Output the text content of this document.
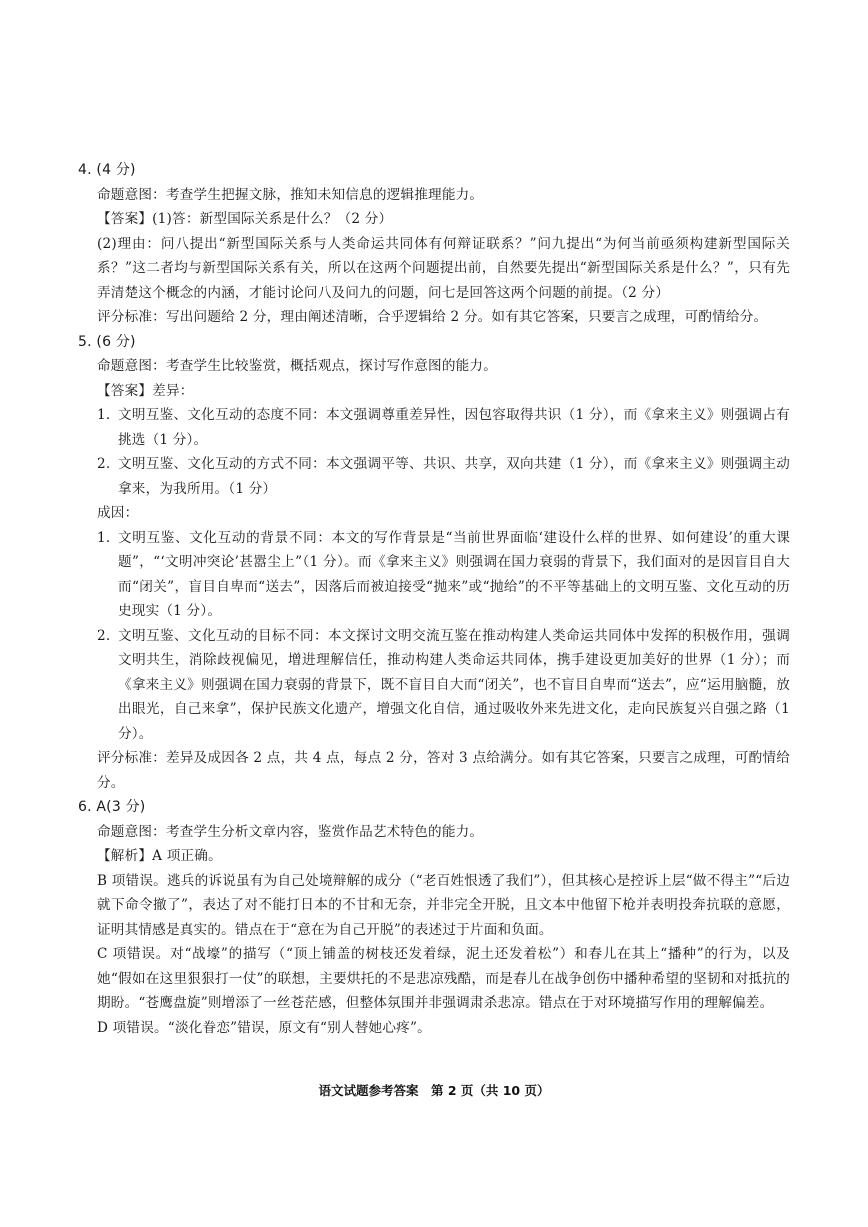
4. (4 分)
命题意图：考查学生把握文脉，推知未知信息的逻辑推理能力。
【答案】(1)答：新型国际关系是什么？（2 分）
(2)理由：问八提出“新型国际关系与人类命运共同体有何辩证联系？”问九提出“为何当前亟须构建新型国际关系？”这二者均与新型国际关系有关，所以在这两个问题提出前，自然要先提出“新型国际关系是什么？”，只有先弄清楚这个概念的内涵，才能讨论问八及问九的问题，问七是回答这两个问题的前提。（2 分）
评分标准：写出问题给 2 分，理由阐述清晰，合乎逻辑给 2 分。如有其它答案，只要言之成理，可酌情给分。
5. (6 分)
命题意图：考查学生比较鉴赏，概括观点，探讨写作意图的能力。
【答案】差异：
1. 文明互鉴、文化互动的态度不同：本文强调尊重差异性，因包容取得共识（1 分），而《拿来主义》则强调占有挑选（1 分）。
2. 文明互鉴、文化互动的方式不同：本文强调平等、共识、共享，双向共建（1 分），而《拿来主义》则强调主动拿来，为我所用。（1 分）
成因：
1. 文明互鉴、文化互动的背景不同：本文的写作背景是“当前世界面临‘建设什么样的世界、如何建设’的重大课题”，“‘文明冲突论’甚嚣尘上”（1 分）。而《拿来主义》则强调在国力衰弱的背景下，我们面对的是因盲目自大而“闭关”，盲目自卑而“送去”，因落后而被迫接受“抛来”或“抛给”的不平等基础上的文明互鉴、文化互动的历史现实（1 分）。
2. 文明互鉴、文化互动的目标不同：本文探讨文明交流互鉴在推动构建人类命运共同体中发挥的积极作用，强调文明共生，消除歧视偏见，增进理解信任，推动构建人类命运共同体，携手建设更加美好的世界（1 分）；而《拿来主义》则强调在国力衰弱的背景下，既不盲目自大而“闭关”，也不盲目自卑而“送去”，应“运用脑髓，放出眼光，自己来拿”，保护民族文化遗产，增强文化自信，通过吸收外来先进文化，走向民族复兴自强之路（1 分）。
评分标准：差异及成因各 2 点，共 4 点，每点 2 分，答对 3 点给满分。如有其它答案，只要言之成理，可酌情给分。
6. A(3 分)
命题意图：考查学生分析文章内容，鉴赏作品艺术特色的能力。
【解析】A 项正确。
B 项错误。逃兵的诉说虽有为自己处境辩解的成分（“老百姓恨透了我们”），但其核心是控诉上层“做不得主”“后边就下命令撤了”，表达了对不能打日本的不甘和无奈，并非完全开脱，且文本中他留下枪并表明投奔抗联的意愿，证明其情感是真实的。错点在于“意在为自己开脱”的表述过于片面和负面。
C 项错误。对“战壕”的描写（“顶上铺盖的树枝还发着绿，泥土还发着松”）和春儿在其上“播种”的行为，以及她“假如在这里狠狠打一仗”的联想，主要烘托的不是悲凉残酷，而是春儿在战争创伤中播种希望的坚韧和对抵抗的期盼。“苍鹰盘旋”则增添了一丝苍茫感，但整体氛围并非强调肃杀悲凉。错点在于对环境描写作用的理解偏差。
D 项错误。“淡化眷恋”错误，原文有“别人替她心疼”。
语文试题参考答案　第 2 页（共 10 页）
